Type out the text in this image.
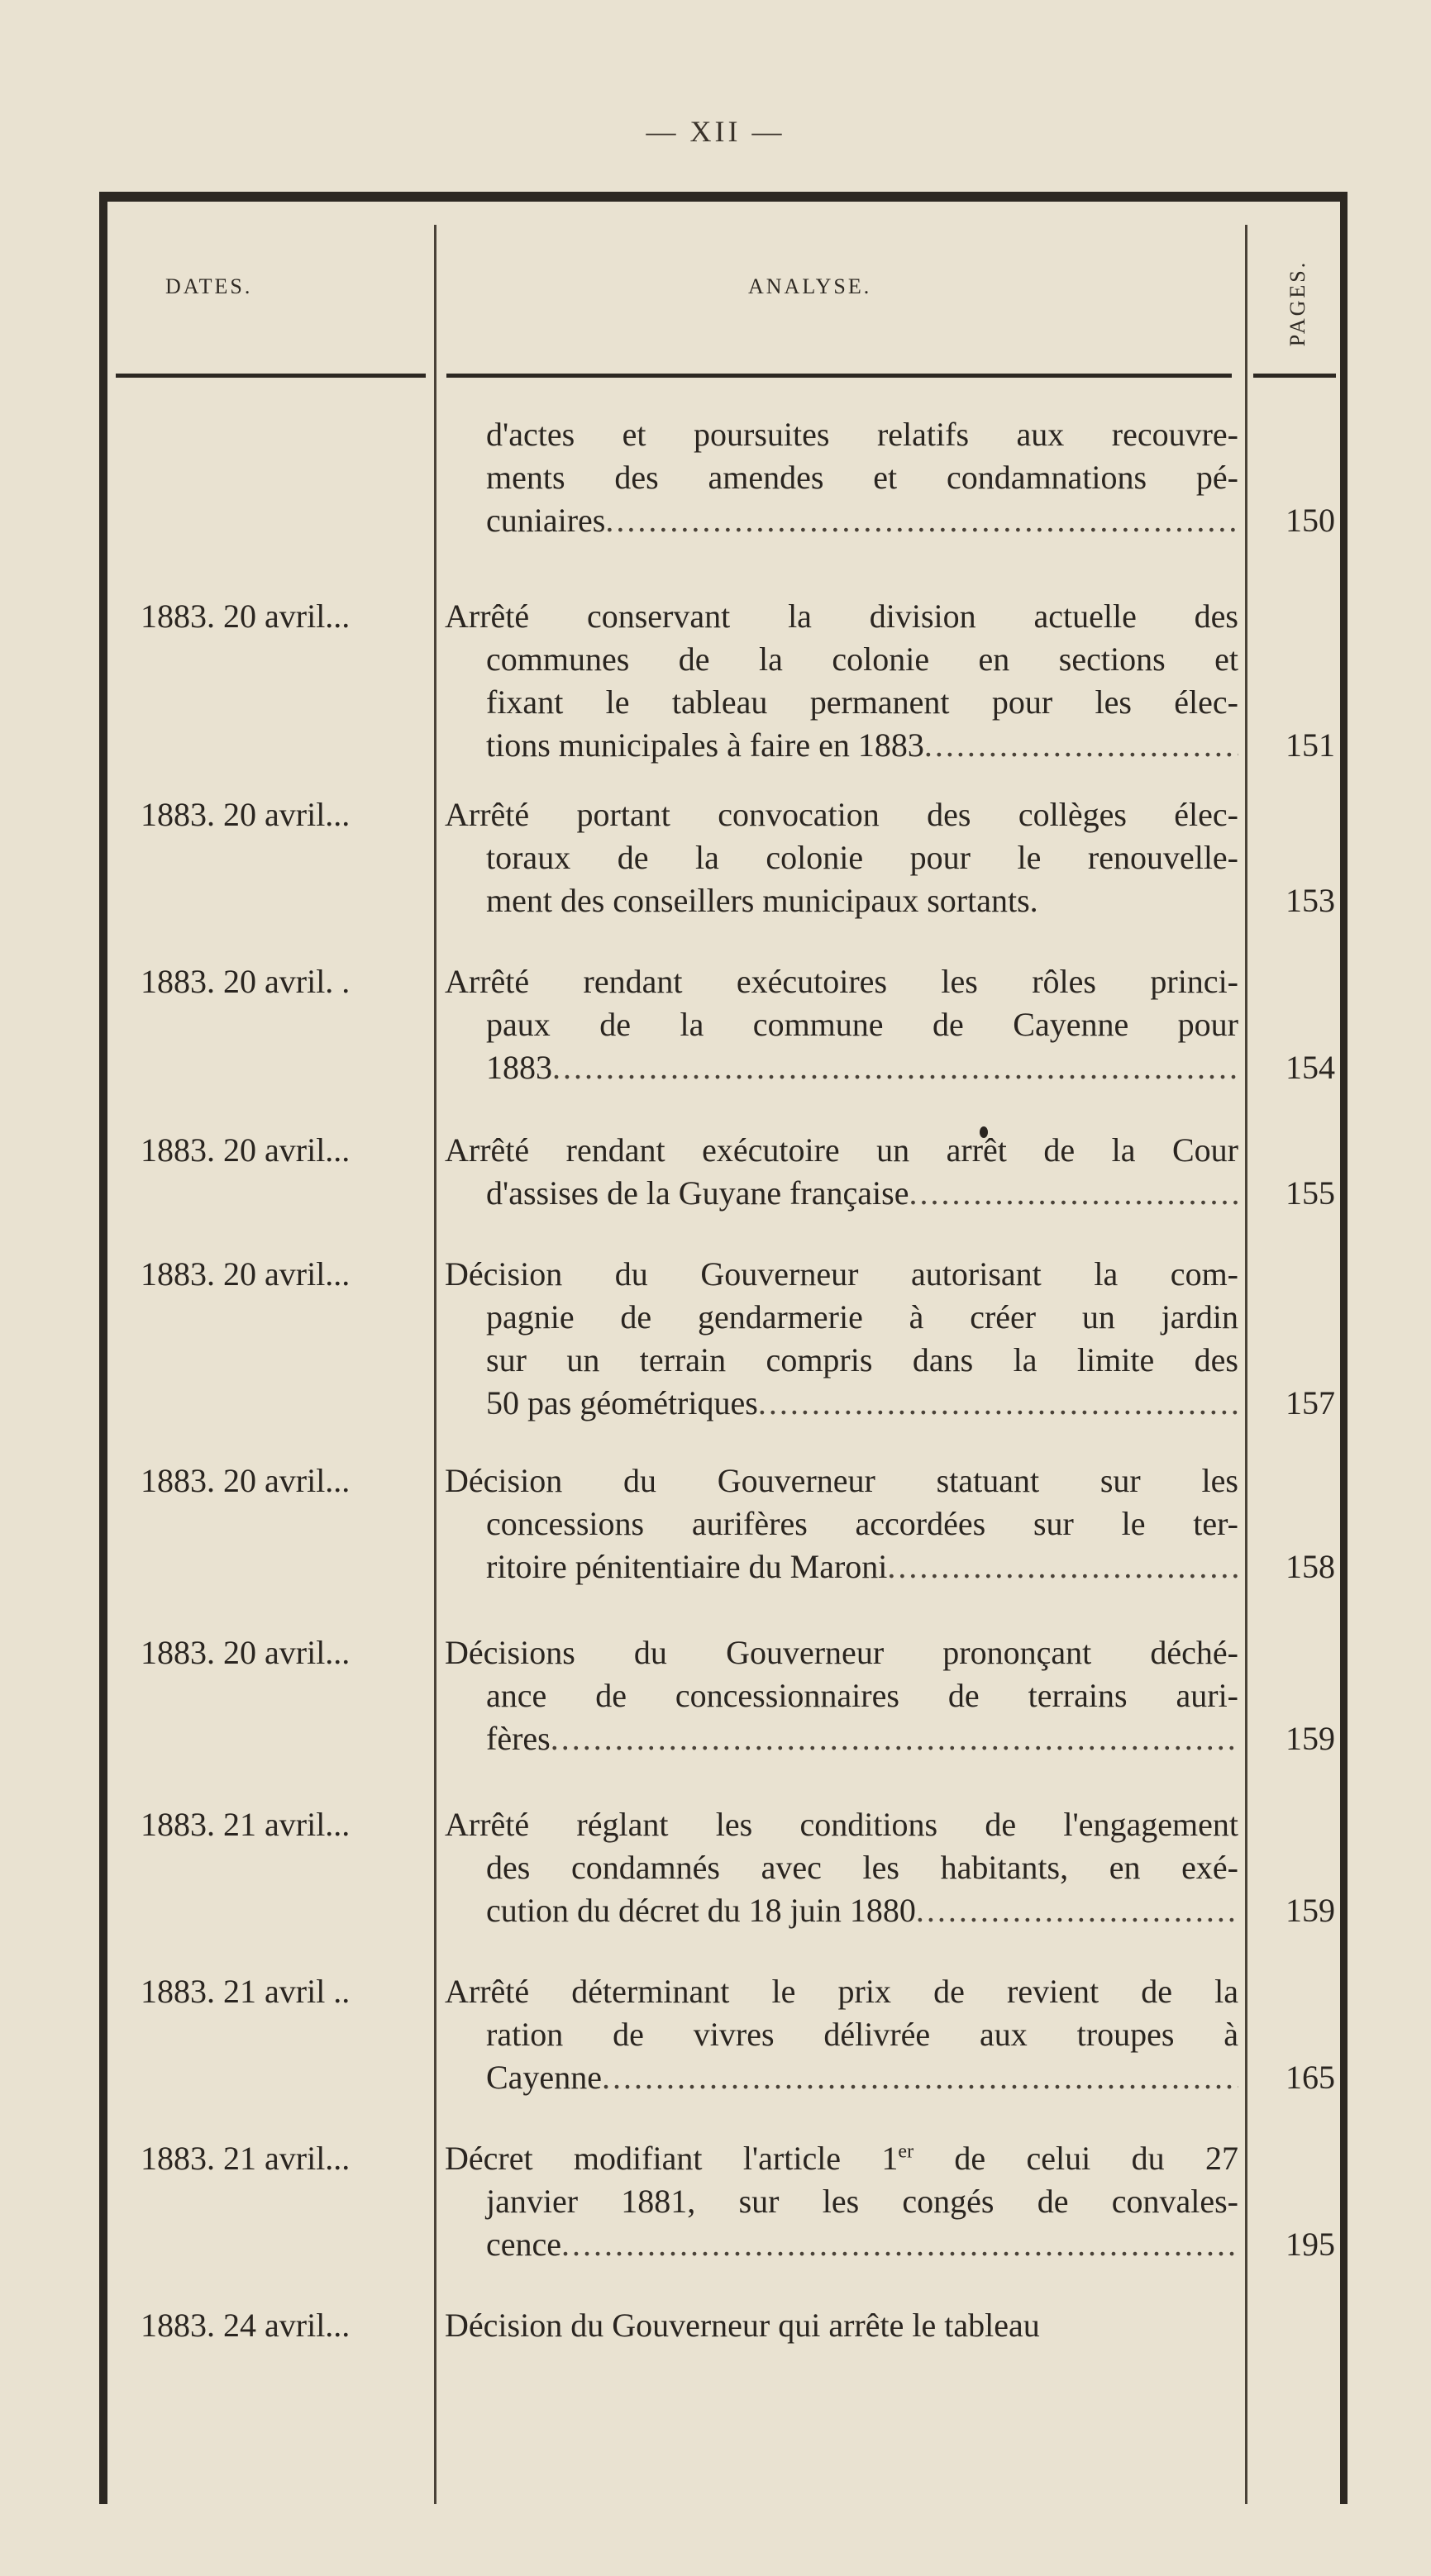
— XII —
DATES.	ANALYSE.	PAGES.
d'actes et poursuites relatifs aux recouvre-
ments des amendes et condamnations pé-
cuniaires .....	150
1883. 20 avril...	Arrêté conservant la division actuelle des
communes de la colonie en sections et
fixant le tableau permanent pour les élec-
tions municipales à faire en 1883 .....	151
1883. 20 avril...	Arrêté portant convocation des collèges élec-
toraux de la colonie pour le renouvelle-
ment des conseillers municipaux sortants.	153
1883. 20 avril. .	Arrêté rendant exécutoires les rôles princi-
paux de la commune de Cayenne pour
1883 .....	154
1883. 20 avril...	Arrêté rendant exécutoire un arrêt de la Cour
d'assises de la Guyane française .....	155
1883. 20 avril...	Décision du Gouverneur autorisant la com-
pagnie de gendarmerie à créer un jardin
sur un terrain compris dans la limite des
50 pas géométriques .....	157
1883. 20 avril...	Décision du Gouverneur statuant sur les
concessions aurifères accordées sur le ter-
ritoire pénitentiaire du Maroni .....	158
1883. 20 avril...	Décisions du Gouverneur prononçant déché-
ance de concessionnaires de terrains auri-
fères .....	159
1883. 21 avril...	Arrêté réglant les conditions de l'engagement
des condamnés avec les habitants, en exé-
cution du décret du 18 juin 1880 .....	159
1883. 21 avril ..	Arrêté déterminant le prix de revient de la
ration de vivres délivrée aux troupes à
Cayenne .....	165
1883. 21 avril...	Décret modifiant l'article 1er de celui du 27
janvier 1881, sur les congés de convales-
cence .....	195
1883. 24 avril...	Décision du Gouverneur qui arrête le tableau
